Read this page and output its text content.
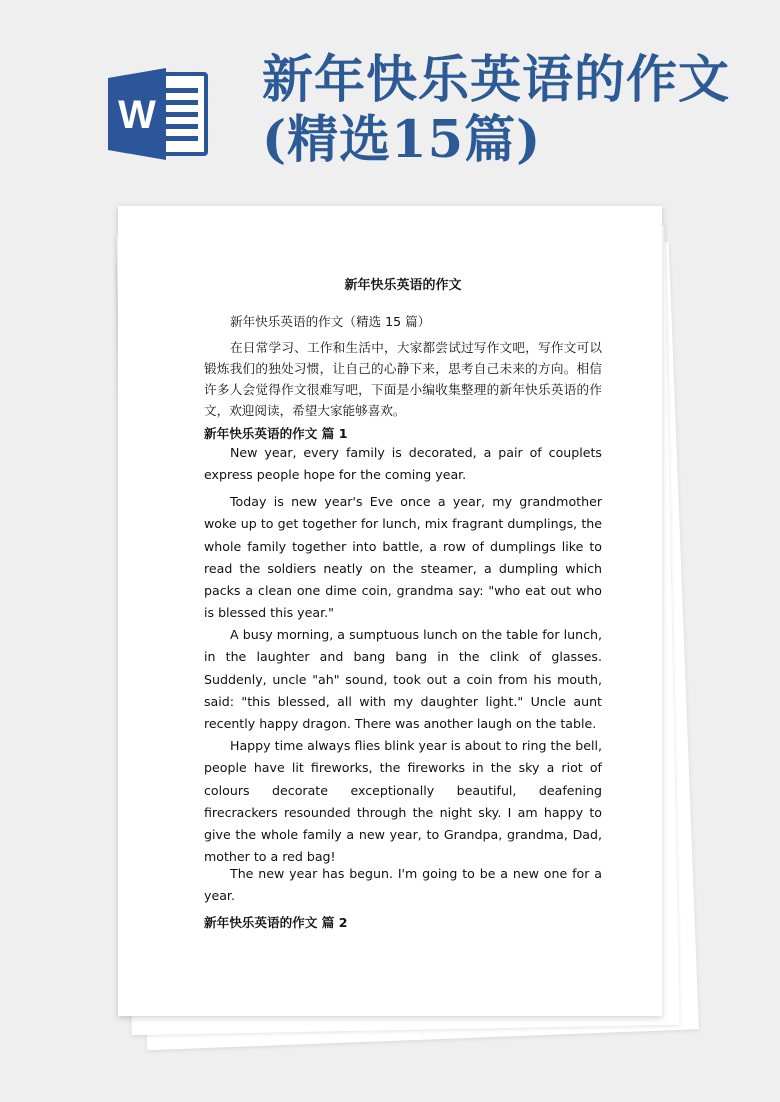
W
新年快乐英语的作文(精选15篇)
新年快乐英语的作文

新年快乐英语的作文（精选 15 篇）

在日常学习、工作和生活中，大家都尝试过写作文吧，写作文可以锻炼我们的独处习惯，让自己的心静下来，思考自己未来的方向。相信许多人会觉得作文很难写吧，下面是小编收集整理的新年快乐英语的作文，欢迎阅读，希望大家能够喜欢。

新年快乐英语的作文 篇 1

New year, every family is decorated, a pair of couplets express people hope for the coming year.

Today is new year's Eve once a year, my grandmother woke up to get together for lunch, mix fragrant dumplings, the whole family together into battle, a row of dumplings like to read the soldiers neatly on the steamer, a dumpling which packs a clean one dime coin, grandma say: "who eat out who is blessed this year."

A busy morning, a sumptuous lunch on the table for lunch, in the laughter and bang bang in the clink of glasses. Suddenly, uncle "ah" sound, took out a coin from his mouth, said: "this blessed, all with my daughter light." Uncle aunt recently happy dragon. There was another laugh on the table.

Happy time always flies blink year is about to ring the bell, people have lit fireworks, the fireworks in the sky a riot of colours decorate exceptionally beautiful, deafening firecrackers resounded through the night sky. I am happy to give the whole family a new year, to Grandpa, grandma, Dad, mother to a red bag!

The new year has begun. I'm going to be a new one for a year.

新年快乐英语的作文 篇 2
